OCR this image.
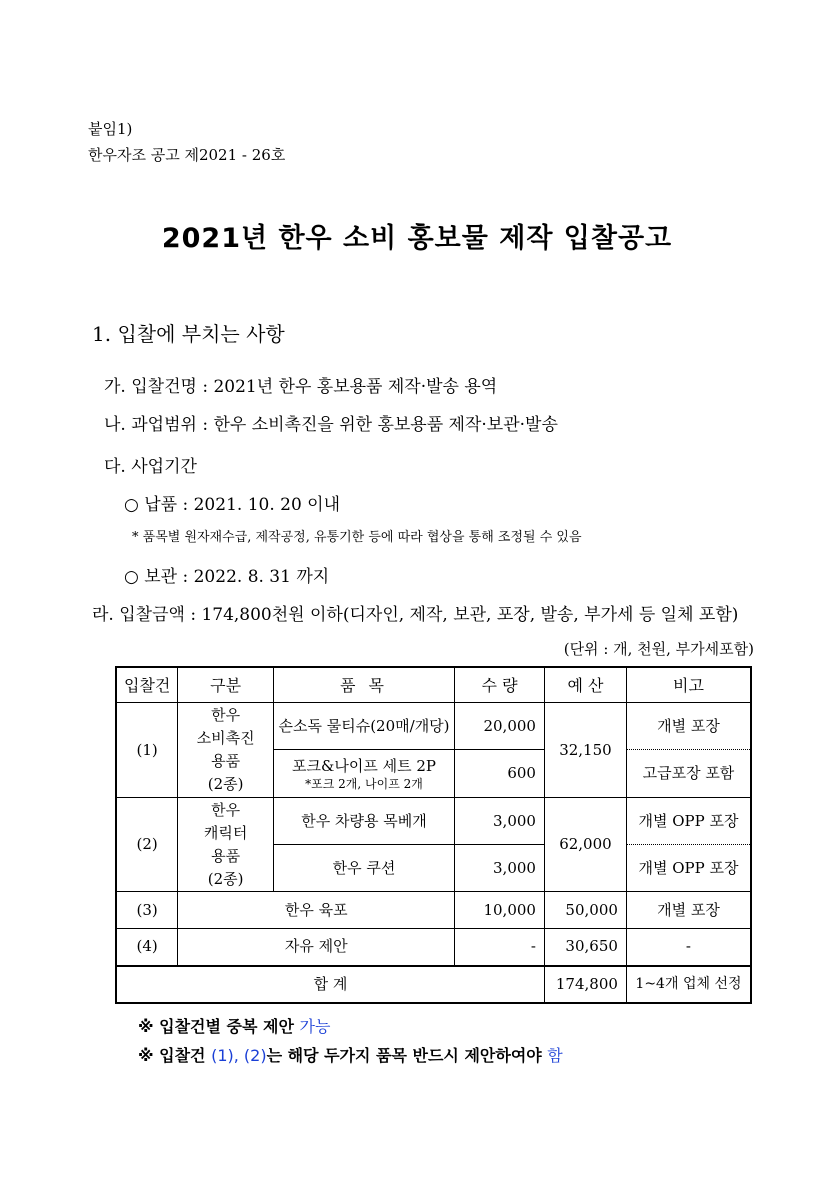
붙임1)
한우자조 공고 제2021 - 26호
2021년 한우 소비 홍보물 제작 입찰공고
1. 입찰에 부치는 사항
가. 입찰건명 : 2021년 한우 홍보용품 제작·발송 용역
나. 과업범위 : 한우 소비촉진을 위한 홍보용품 제작·보관·발송
다. 사업기간
○ 납품 : 2021. 10. 20 이내
* 품목별 원자재수급, 제작공정, 유통기한 등에 따라 협상을 통해 조정될 수 있음
○ 보관 : 2022. 8. 31 까지
라. 입찰금액 : 174,800천원 이하(디자인, 제작, 보관, 포장, 발송, 부가세 등 일체 포함)
(단위 : 개, 천원, 부가세포함)
입찰건	구분	품 목	수 량	예 산	비고
(1)	한우
소비촉진
용품
(2종)	손소독 물티슈(20매/개당)	20,000	32,150	개별 포장

		포크&나이프 세트 2P
*포크 2개, 나이프 2개	600		고급포장 포함
(2)	한우
캐릭터
용품
(2종)	한우 차량용 목베개	3,000	62,000	개별 OPP 포장
		한우 쿠션	3,000		개별 OPP 포장
(3)	한우 육포		10,000	50,000	개별 포장
(4)	자유 제안		-	30,650	-
합 계				174,800	1~4개 업체 선정
※ 입찰건별 중복 제안 가능
※ 입찰건 (1), (2)는 해당 두가지 품목 반드시 제안하여야 함
